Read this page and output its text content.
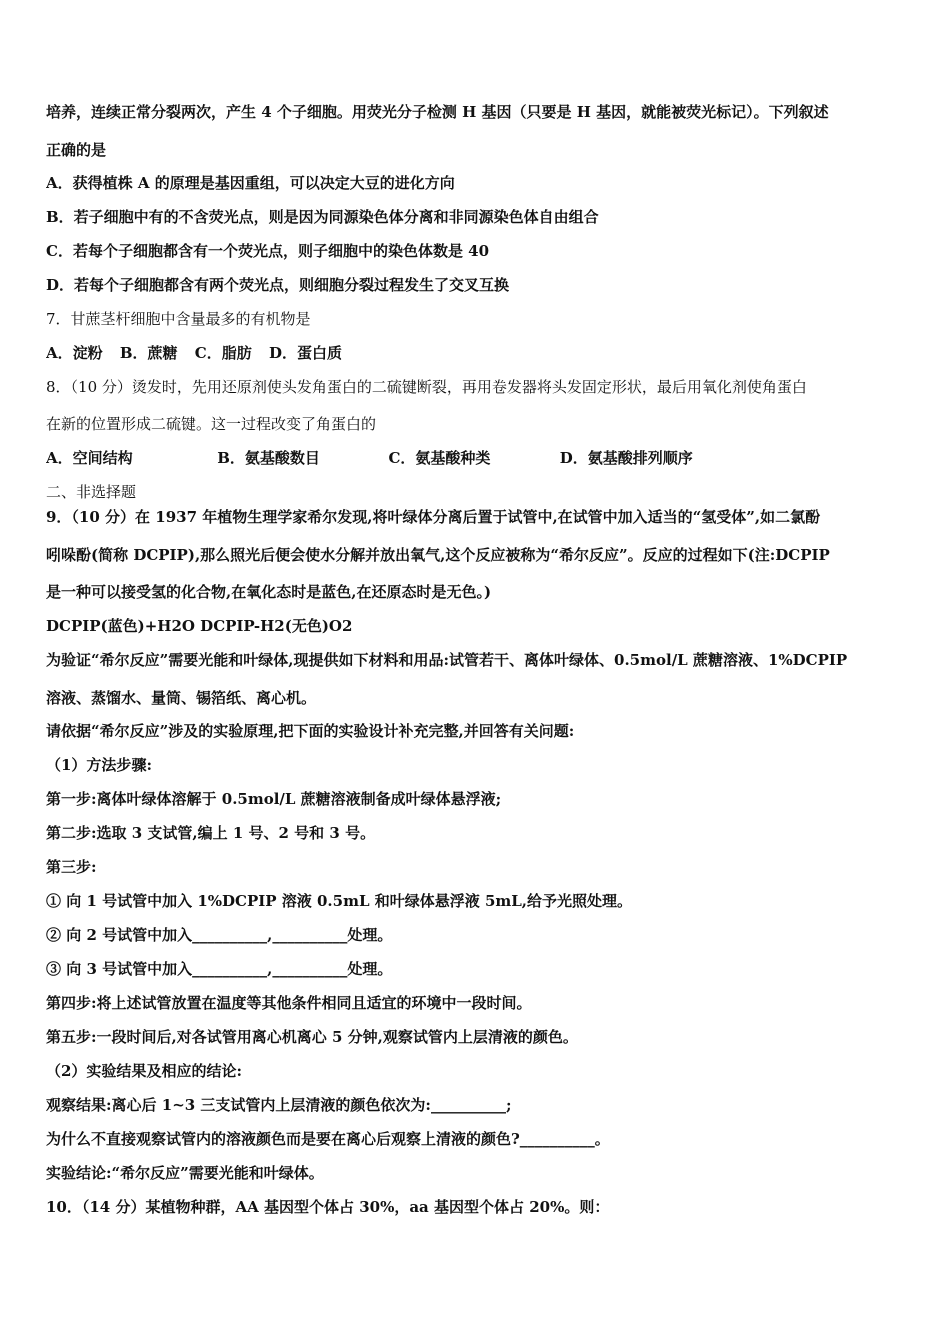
培养，连续正常分裂两次，产生 4 个子细胞。用荧光分子检测 H 基因（只要是 H 基因，就能被荧光标记）。下列叙述
正确的是
A．获得植株 A 的原理是基因重组，可以决定大豆的进化方向
B．若子细胞中有的不含荧光点，则是因为同源染色体分离和非同源染色体自由组合
C．若每个子细胞都含有一个荧光点，则子细胞中的染色体数是 40
D．若每个子细胞都含有两个荧光点，则细胞分裂过程发生了交叉互换
7．甘蔗茎杆细胞中含量最多的有机物是
A．淀粉 B．蔗糖 C．脂肪 D．蛋白质
8．（10 分）烫发时，先用还原剂使头发角蛋白的二硫键断裂，再用卷发器将头发固定形状，最后用氧化剂使角蛋白
在新的位置形成二硫键。这一过程改变了角蛋白的
A．空间结构	B．氨基酸数目	C．氨基酸种类	D．氨基酸排列顺序
二、非选择题
9．（10 分）在 1937 年植物生理学家希尔发现,将叶绿体分离后置于试管中,在试管中加入适当的“氢受体”,如二氯酚
吲哚酚(简称 DCPIP),那么照光后便会使水分解并放出氧气,这个反应被称为“希尔反应”。反应的过程如下(注:DCPIP
是一种可以接受氢的化合物,在氧化态时是蓝色,在还原态时是无色。)
DCPIP(蓝色)+H2O DCPIP-H2(无色)O2
为验证“希尔反应”需要光能和叶绿体,现提供如下材料和用品:试管若干、离体叶绿体、0.5mol/L 蔗糖溶液、1%DCPIP
溶液、蒸馏水、量筒、锡箔纸、离心机。
请依据“希尔反应”涉及的实验原理,把下面的实验设计补充完整,并回答有关问题:
（1）方法步骤:
第一步:离体叶绿体溶解于 0.5mol/L 蔗糖溶液制备成叶绿体悬浮液;
第二步:选取 3 支试管,编上 1 号、2 号和 3 号。
第三步:
① 向 1 号试管中加入 1%DCPIP 溶液 0.5mL 和叶绿体悬浮液 5mL,给予光照处理。
② 向 2 号试管中加入__________,__________处理。
③ 向 3 号试管中加入__________,__________处理。
第四步:将上述试管放置在温度等其他条件相同且适宜的环境中一段时间。
第五步:一段时间后,对各试管用离心机离心 5 分钟,观察试管内上层清液的颜色。
（2）实验结果及相应的结论:
观察结果:离心后 1~3 三支试管内上层清液的颜色依次为:__________;
为什么不直接观察试管内的溶液颜色而是要在离心后观察上清液的颜色?__________。
实验结论:“希尔反应”需要光能和叶绿体。
10．（14 分）某植物种群，AA 基因型个体占 30%，aa 基因型个体占 20%。则：
